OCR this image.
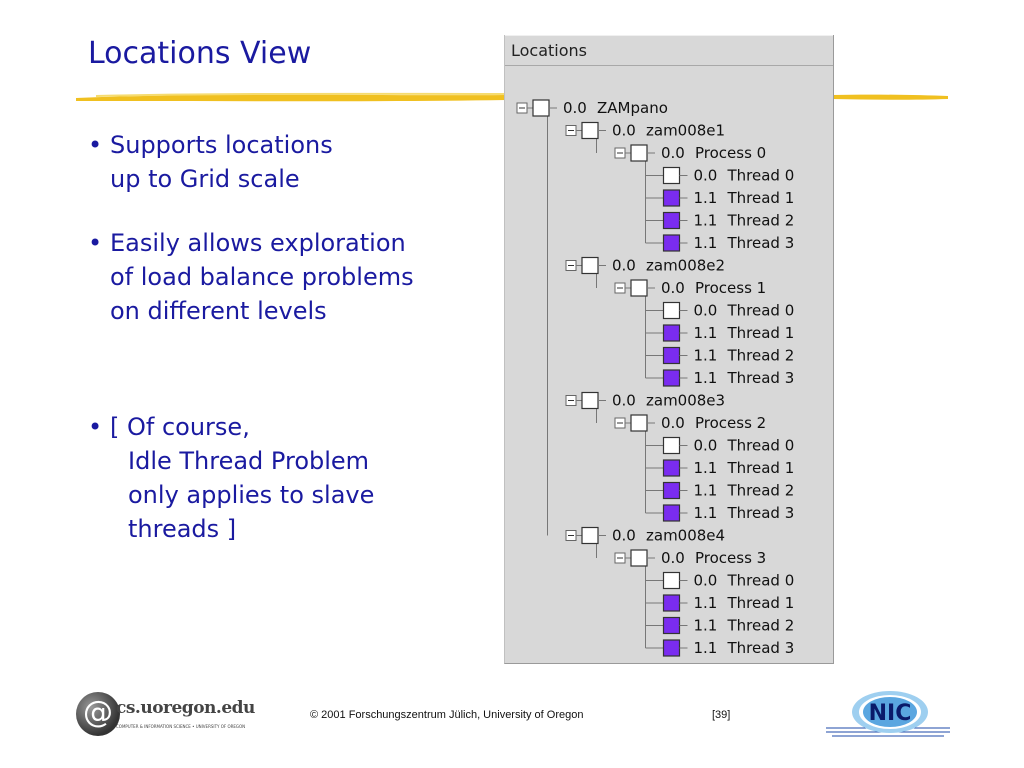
Locations View
• Supports locations
up to Grid scale
• Easily allows exploration
of load balance problems
on different levels
• [ Of course,
Idle Thread Problem
only applies to slave
threads ]
Locations
0.0 ZAMpano
0.0 zam008e1
0.0 Process 0
0.0 Thread 0
1.1 Thread 1
1.1 Thread 2
1.1 Thread 3
0.0 zam008e2
0.0 Process 1
0.0 Thread 0
1.1 Thread 1
1.1 Thread 2
1.1 Thread 3
0.0 zam008e3
0.0 Process 2
0.0 Thread 0
1.1 Thread 1
1.1 Thread 2
1.1 Thread 3
0.0 zam008e4
0.0 Process 3
0.0 Thread 0
1.1 Thread 1
1.1 Thread 2
1.1 Thread 3
@ cs.uoregon.edu
COMPUTER & INFORMATION SCIENCE • UNIVERSITY OF OREGON
© 2001 Forschungszentrum Jülich, University of Oregon	[39]	NIC
